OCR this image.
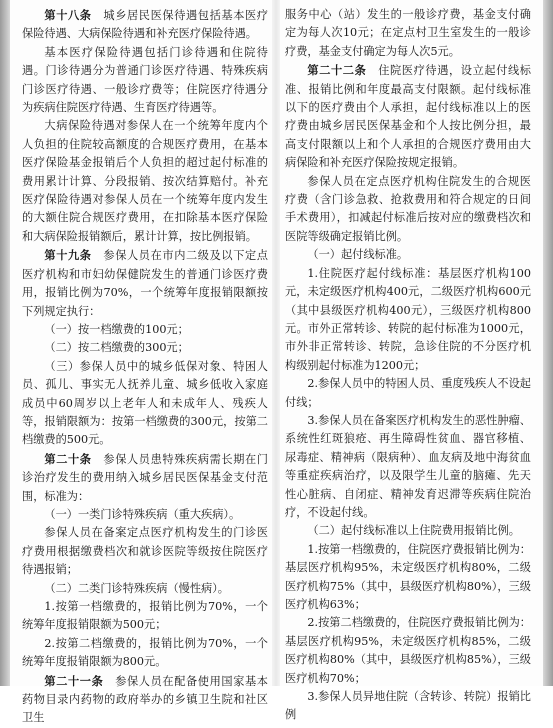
第十八条　 城乡居民医保待遇包括基本医疗保险待遇、大病保险待遇和补充医疗保险待遇。

基本医疗保险待遇包括门诊待遇和住院待遇。门诊待遇分为普通门诊医疗待遇、特殊疾病门诊医疗待遇、一般诊疗费等；住院医疗待遇分为疾病住院医疗待遇、生育医疗待遇等。

大病保险待遇对参保人在一个统筹年度内个人负担的住院较高额度的合规医疗费用，在基本医疗保险基金报销后个人负担的超过起付标准的费用累计计算、分段报销、按次结算赔付。补充医疗保险待遇对参保人员在一个统筹年度内发生的大额住院合规医疗费用，在扣除基本医疗保险和大病保险报销额后，累计计算，按比例报销。

第十九条　 参保人员在市内二级及以下定点医疗机构和市妇幼保健院发生的普通门诊医疗费用，报销比例为70%，一个统筹年度报销限额按下列规定执行：

（一）按一档缴费的100元；

（二）按二档缴费的300元；

（三）参保人员中的城乡低保对象、特困人员、孤儿、事实无人抚养儿童、城乡低收入家庭成员中60周岁以上老年人和未成年人、残疾人等，报销限额为：按第一档缴费的300元，按第二档缴费的500元。

第二十条　 参保人员患特殊疾病需长期在门诊治疗发生的费用纳入城乡居民医保基金支付范围，标准为：

（一）一类门诊特殊疾病（重大疾病）。

参保人员在备案定点医疗机构发生的门诊医疗费用根据缴费档次和就诊医院等级按住院医疗待遇报销；

（二）二类门诊特殊疾病（慢性病）。

1.按第一档缴费的，报销比例为70%，一个统筹年度报销限额为500元；

2.按第二档缴费的，报销比例为70%，一个统筹年度报销限额为800元。

第二十一条　 参保人员在配备使用国家基本药物目录内药物的政府举办的乡镇卫生院和社区卫生

服务中心（站）发生的一般诊疗费，基金支付确定为每人次10元；在定点村卫生室发生的一般诊疗费，基金支付确定为每人次5元。

第二十二条　 住院医疗待遇，设立起付线标准、报销比例和年度最高支付限额。起付线标准以下的医疗费由个人承担，起付线标准以上的医疗费由城乡居民医保基金和个人按比例分担，最高支付限额以上和个人承担的合规医疗费用由大病保险和补充医疗保险按规定报销。

参保人员在定点医疗机构住院发生的合规医疗费（含门诊急救、抢救费用和符合规定的日间手术费用），扣减起付标准后按对应的缴费档次和医院等级确定报销比例。

（一）起付线标准。

1.住院医疗起付线标准：基层医疗机构100元，未定级医疗机构400元，二级医疗机构600元（其中县级医疗机构400元），三级医疗机构800元。市外正常转诊、转院的起付标准为1000元，市外非正常转诊、转院，急诊住院的不分医疗机构级别起付标准为1200元；

2.参保人员中的特困人员、重度残疾人不设起付线；

3.参保人员在备案医疗机构发生的恶性肿瘤、系统性红斑狼疮、再生障碍性贫血、器官移植、尿毒症、精神病（限病种）、血友病及地中海贫血等重症疾病治疗，以及限学生儿童的脑瘫、先天性心脏病、自闭症、精神发育迟滞等疾病住院治疗，不设起付线。

（二）起付线标准以上住院费用报销比例。

1.按第一档缴费的，住院医疗费报销比例为：基层医疗机构95%，未定级医疗机构80%，二级医疗机构75%（其中，县级医疗机构80%），三级医疗机构63%；

2.按第二档缴费的，住院医疗费报销比例为：基层医疗机构95%，未定级医疗机构85%，二级医疗机构80%（其中，县级医疗机构85%），三级医疗机构70%；

3.参保人员异地住院（含转诊、转院）报销比例
